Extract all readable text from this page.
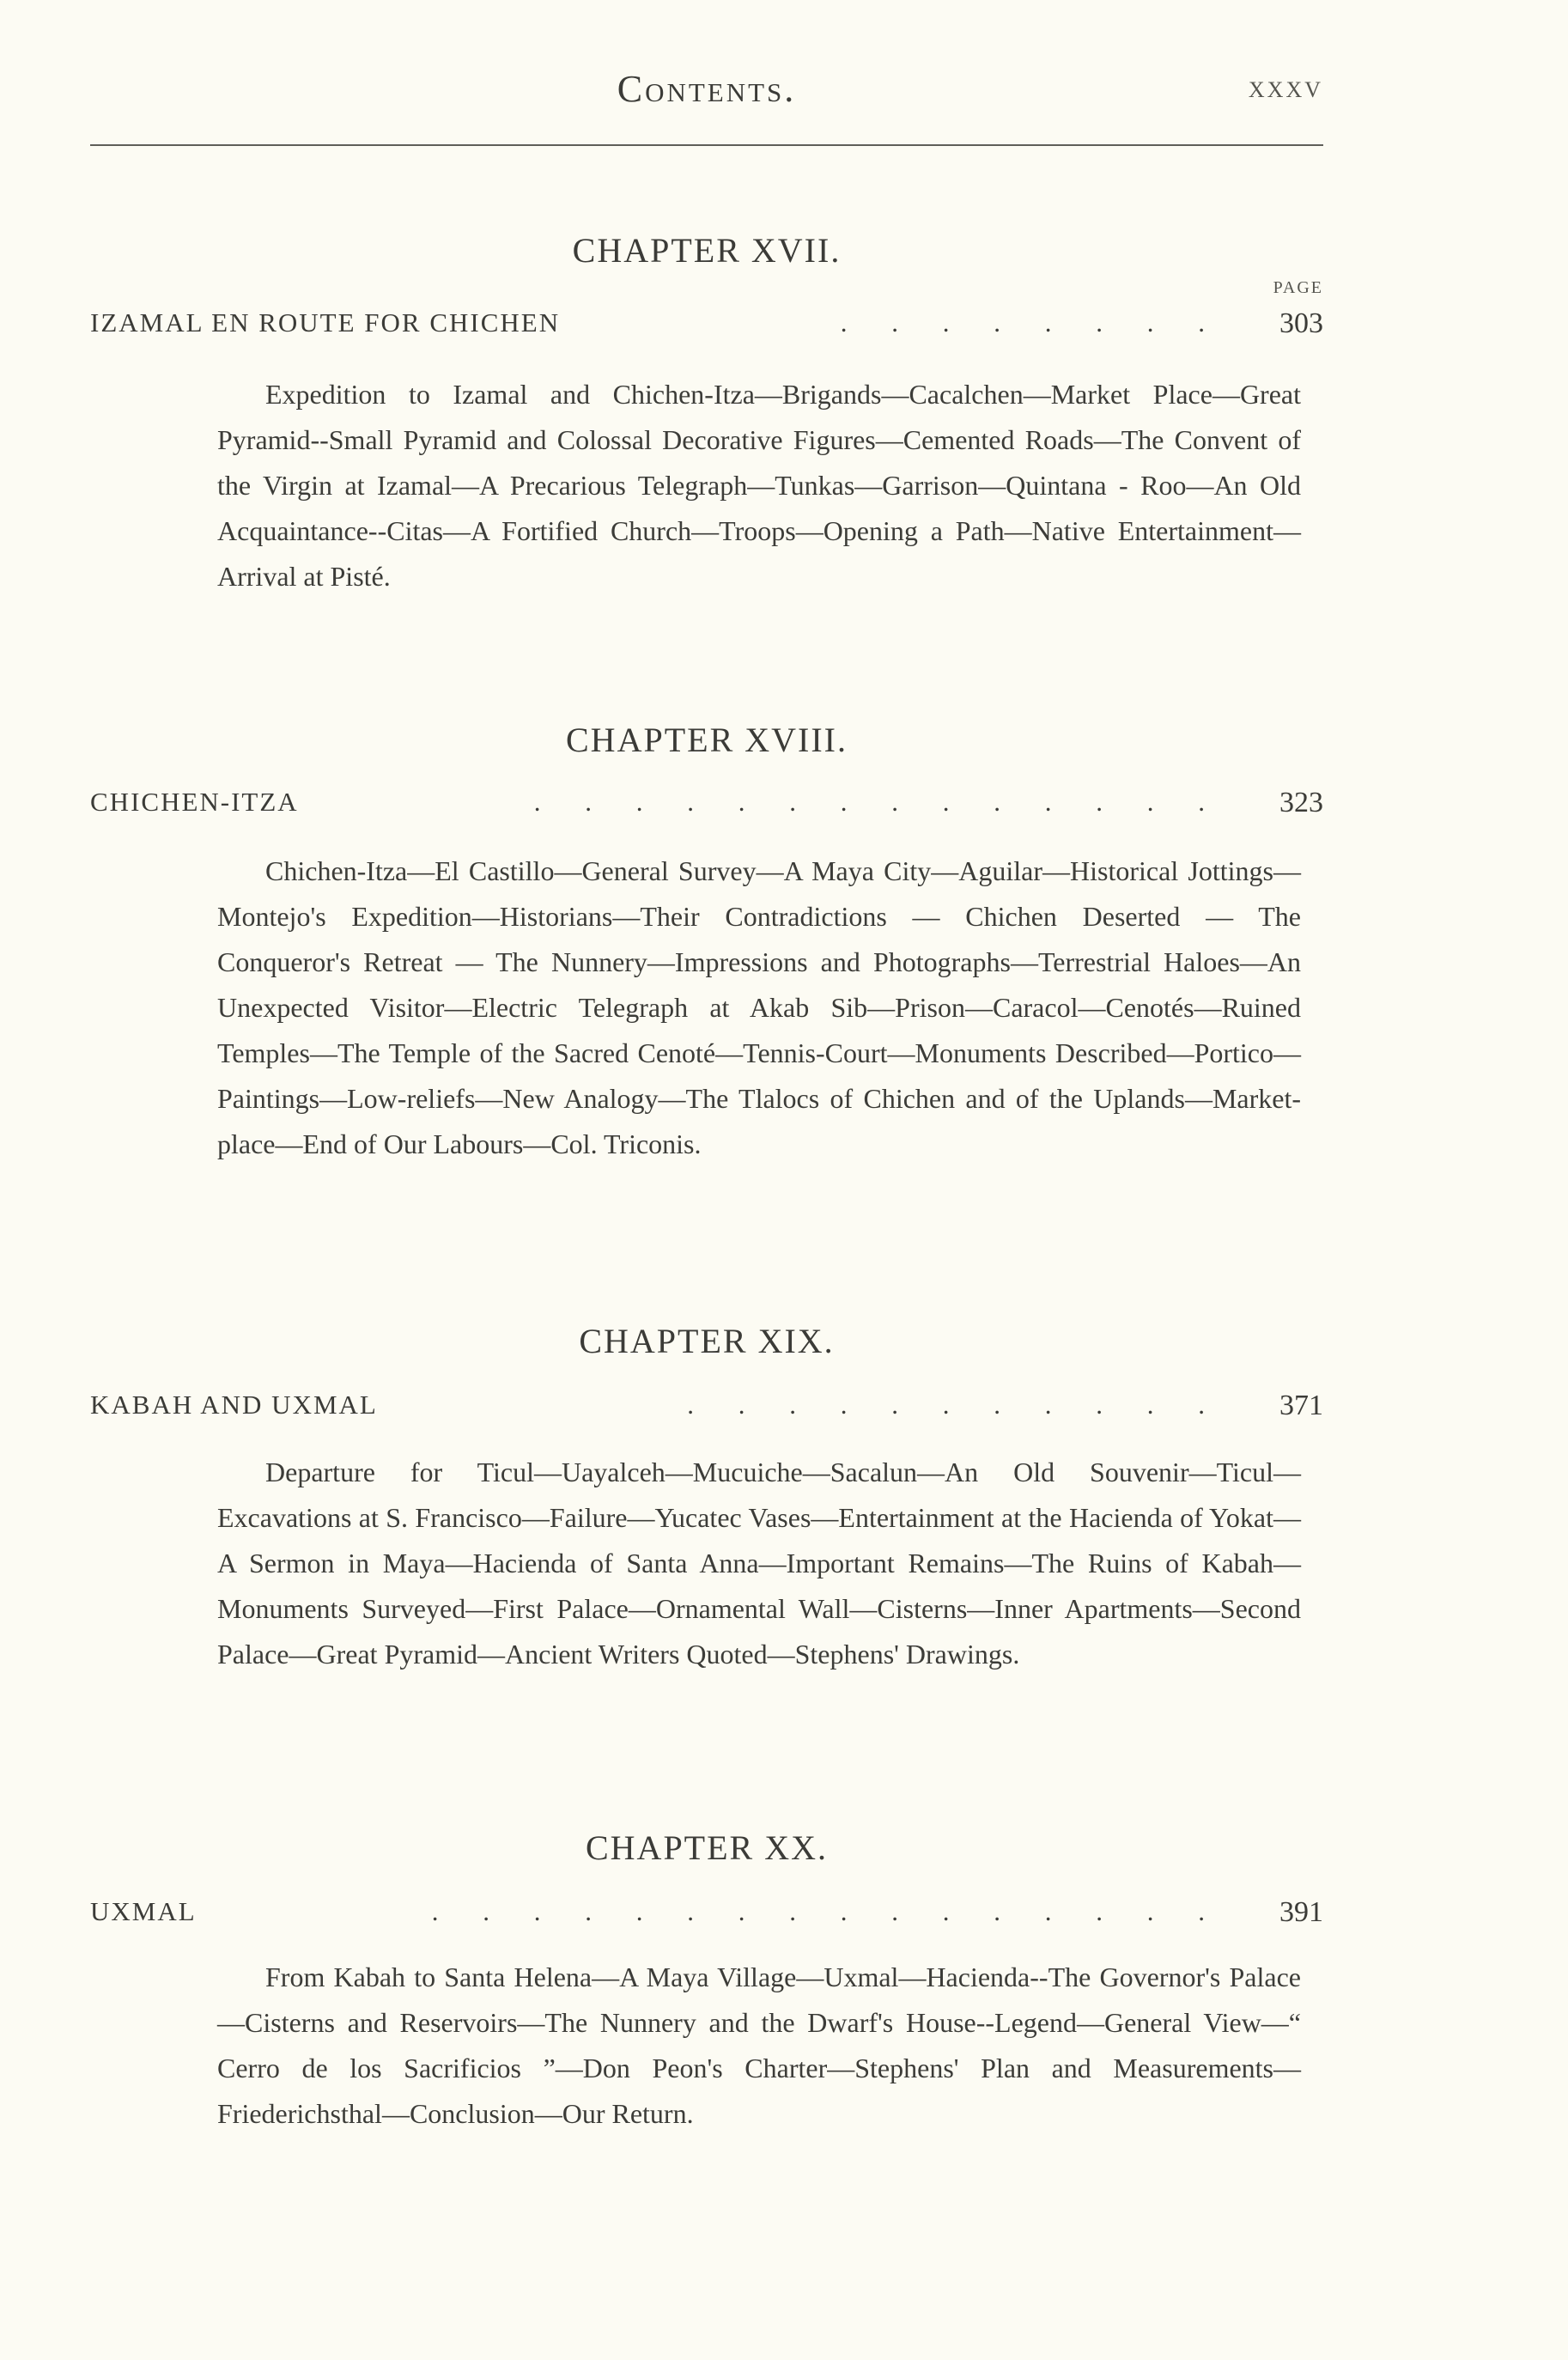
Contents.	XXXV
CHAPTER XVII.
PAGE
IZAMAL EN ROUTE FOR CHICHEN	. . . . . . . . 303
Expedition to Izamal and Chichen-Itza—Brigands—Cacalchen—Market Place—Great Pyramid--Small Pyramid and Colossal Decorative Figures—Cemented Roads—The Convent of the Virgin at Izamal—A Precarious Telegraph—Tunkas—Garrison—Quintana - Roo—An Old Acquaintance--Citas—A Fortified Church—Troops—Opening a Path—Native Entertainment—Arrival at Pisté.
CHAPTER XVIII.
CHICHEN-ITZA	. . . . . . . . . . . . . . 323
Chichen-Itza—El Castillo—General Survey—A Maya City—Aguilar—Historical Jottings—Montejo's Expedition—Historians—Their Contradictions — Chichen Deserted — The Conqueror's Retreat — The Nunnery—Impressions and Photographs—Terrestrial Haloes—An Unexpected Visitor—Electric Telegraph at Akab Sib—Prison—Caracol—Cenotés—Ruined Temples—The Temple of the Sacred Cenoté—Tennis-Court—Monuments Described—Portico—Paintings—Low-reliefs—New Analogy—The Tlalocs of Chichen and of the Uplands—Market-place—End of Our Labours—Col. Triconis.
CHAPTER XIX.
KABAH AND UXMAL	. . . . . . . . . . . 371
Departure for Ticul—Uayalceh—Mucuiche—Sacalun—An Old Souvenir—Ticul—Excavations at S. Francisco—Failure—Yucatec Vases—Entertainment at the Hacienda of Yokat—A Sermon in Maya—Hacienda of Santa Anna—Important Remains—The Ruins of Kabah—Monuments Surveyed—First Palace—Ornamental Wall—Cisterns—Inner Apartments—Second Palace—Great Pyramid—Ancient Writers Quoted—Stephens' Drawings.
CHAPTER XX.
UXMAL	. . . . . . . . . . . . . . . . 391
From Kabah to Santa Helena—A Maya Village—Uxmal—Hacienda--The Governor's Palace—Cisterns and Reservoirs—The Nunnery and the Dwarf's House--Legend—General View—“ Cerro de los Sacrificios ”—Don Peon's Charter—Stephens' Plan and Measurements—Friederichsthal—Conclusion—Our Return.
